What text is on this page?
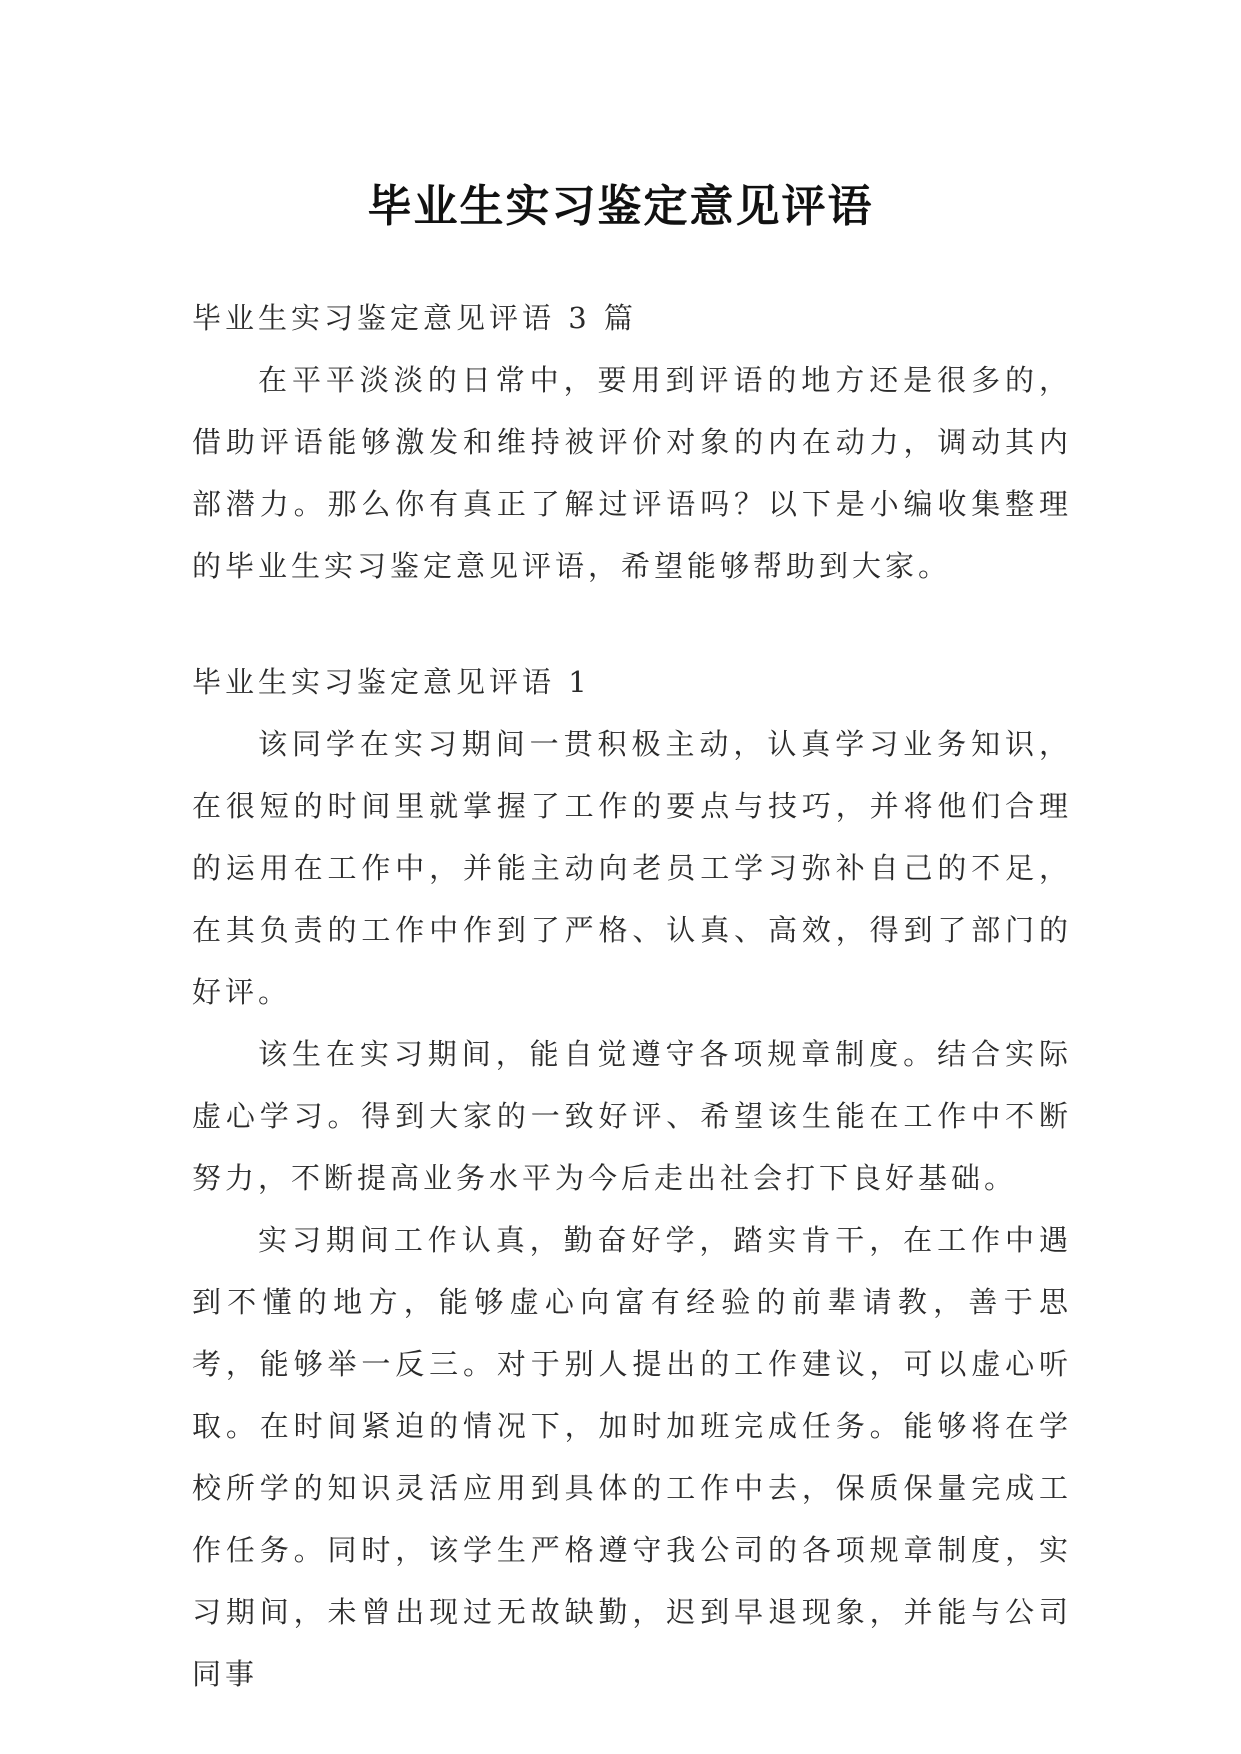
毕业生实习鉴定意见评语

毕业生实习鉴定意见评语 3 篇

在平平淡淡的日常中，要用到评语的地方还是很多的，借助评语能够激发和维持被评价对象的内在动力，调动其内部潜力。那么你有真正了解过评语吗？以下是小编收集整理的毕业生实习鉴定意见评语，希望能够帮助到大家。

毕业生实习鉴定意见评语 1

该同学在实习期间一贯积极主动，认真学习业务知识，在很短的时间里就掌握了工作的要点与技巧，并将他们合理的运用在工作中，并能主动向老员工学习弥补自己的不足，在其负责的工作中作到了严格、认真、高效，得到了部门的好评。

该生在实习期间，能自觉遵守各项规章制度。结合实际虚心学习。得到大家的一致好评、希望该生能在工作中不断努力，不断提高业务水平为今后走出社会打下良好基础。

实习期间工作认真，勤奋好学，踏实肯干，在工作中遇到不懂的地方，能够虚心向富有经验的前辈请教，善于思考，能够举一反三。对于别人提出的工作建议，可以虚心听取。在时间紧迫的情况下，加时加班完成任务。能够将在学校所学的知识灵活应用到具体的工作中去，保质保量完成工作任务。同时，该学生严格遵守我公司的各项规章制度，实习期间，未曾出现过无故缺勤，迟到早退现象，并能与公司同事
